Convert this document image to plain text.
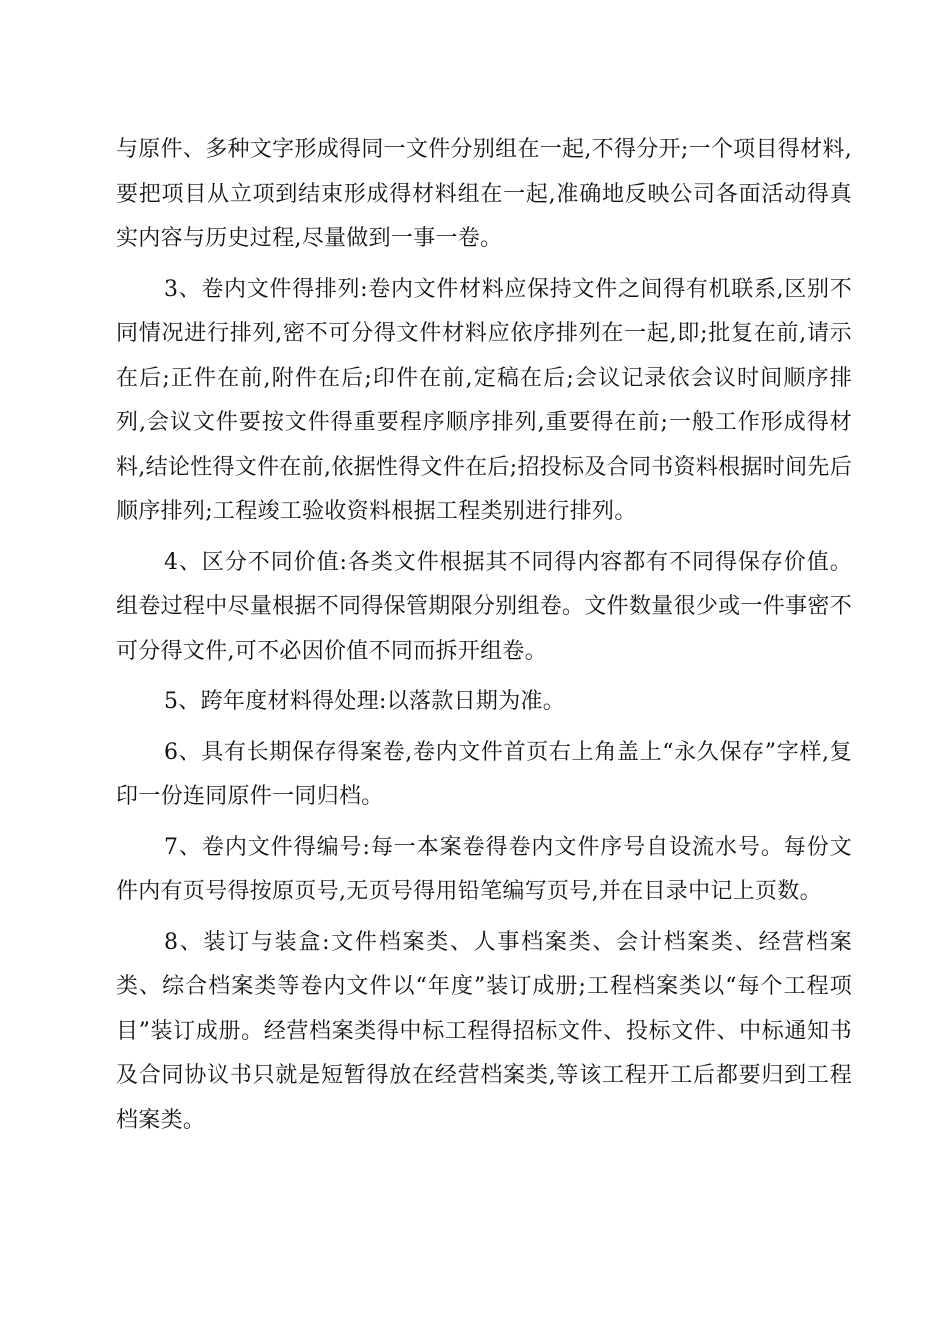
与原件、多种文字形成得同一文件分别组在一起,不得分开;一个项目得材料,要把项目从立项到结束形成得材料组在一起,准确地反映公司各面活动得真实内容与历史过程,尽量做到一事一卷。

3、卷内文件得排列:卷内文件材料应保持文件之间得有机联系,区别不同情况进行排列,密不可分得文件材料应依序排列在一起,即;批复在前,请示在后;正件在前,附件在后;印件在前,定稿在后;会议记录依会议时间顺序排列,会议文件要按文件得重要程序顺序排列,重要得在前;一般工作形成得材料,结论性得文件在前,依据性得文件在后;招投标及合同书资料根据时间先后顺序排列;工程竣工验收资料根据工程类别进行排列。

4、区分不同价值:各类文件根据其不同得内容都有不同得保存价值。组卷过程中尽量根据不同得保管期限分别组卷。文件数量很少或一件事密不可分得文件,可不必因价值不同而拆开组卷。

5、跨年度材料得处理:以落款日期为准。

6、具有长期保存得案卷,卷内文件首页右上角盖上“永久保存”字样,复印一份连同原件一同归档。

7、卷内文件得编号:每一本案卷得卷内文件序号自设流水号。每份文件内有页号得按原页号,无页号得用铅笔编写页号,并在目录中记上页数。

8、装订与装盒:文件档案类、人事档案类、会计档案类、经营档案类、综合档案类等卷内文件以“年度”装订成册;工程档案类以“每个工程项目”装订成册。经营档案类得中标工程得招标文件、投标文件、中标通知书及合同协议书只就是短暂得放在经营档案类,等该工程开工后都要归到工程档案类。
